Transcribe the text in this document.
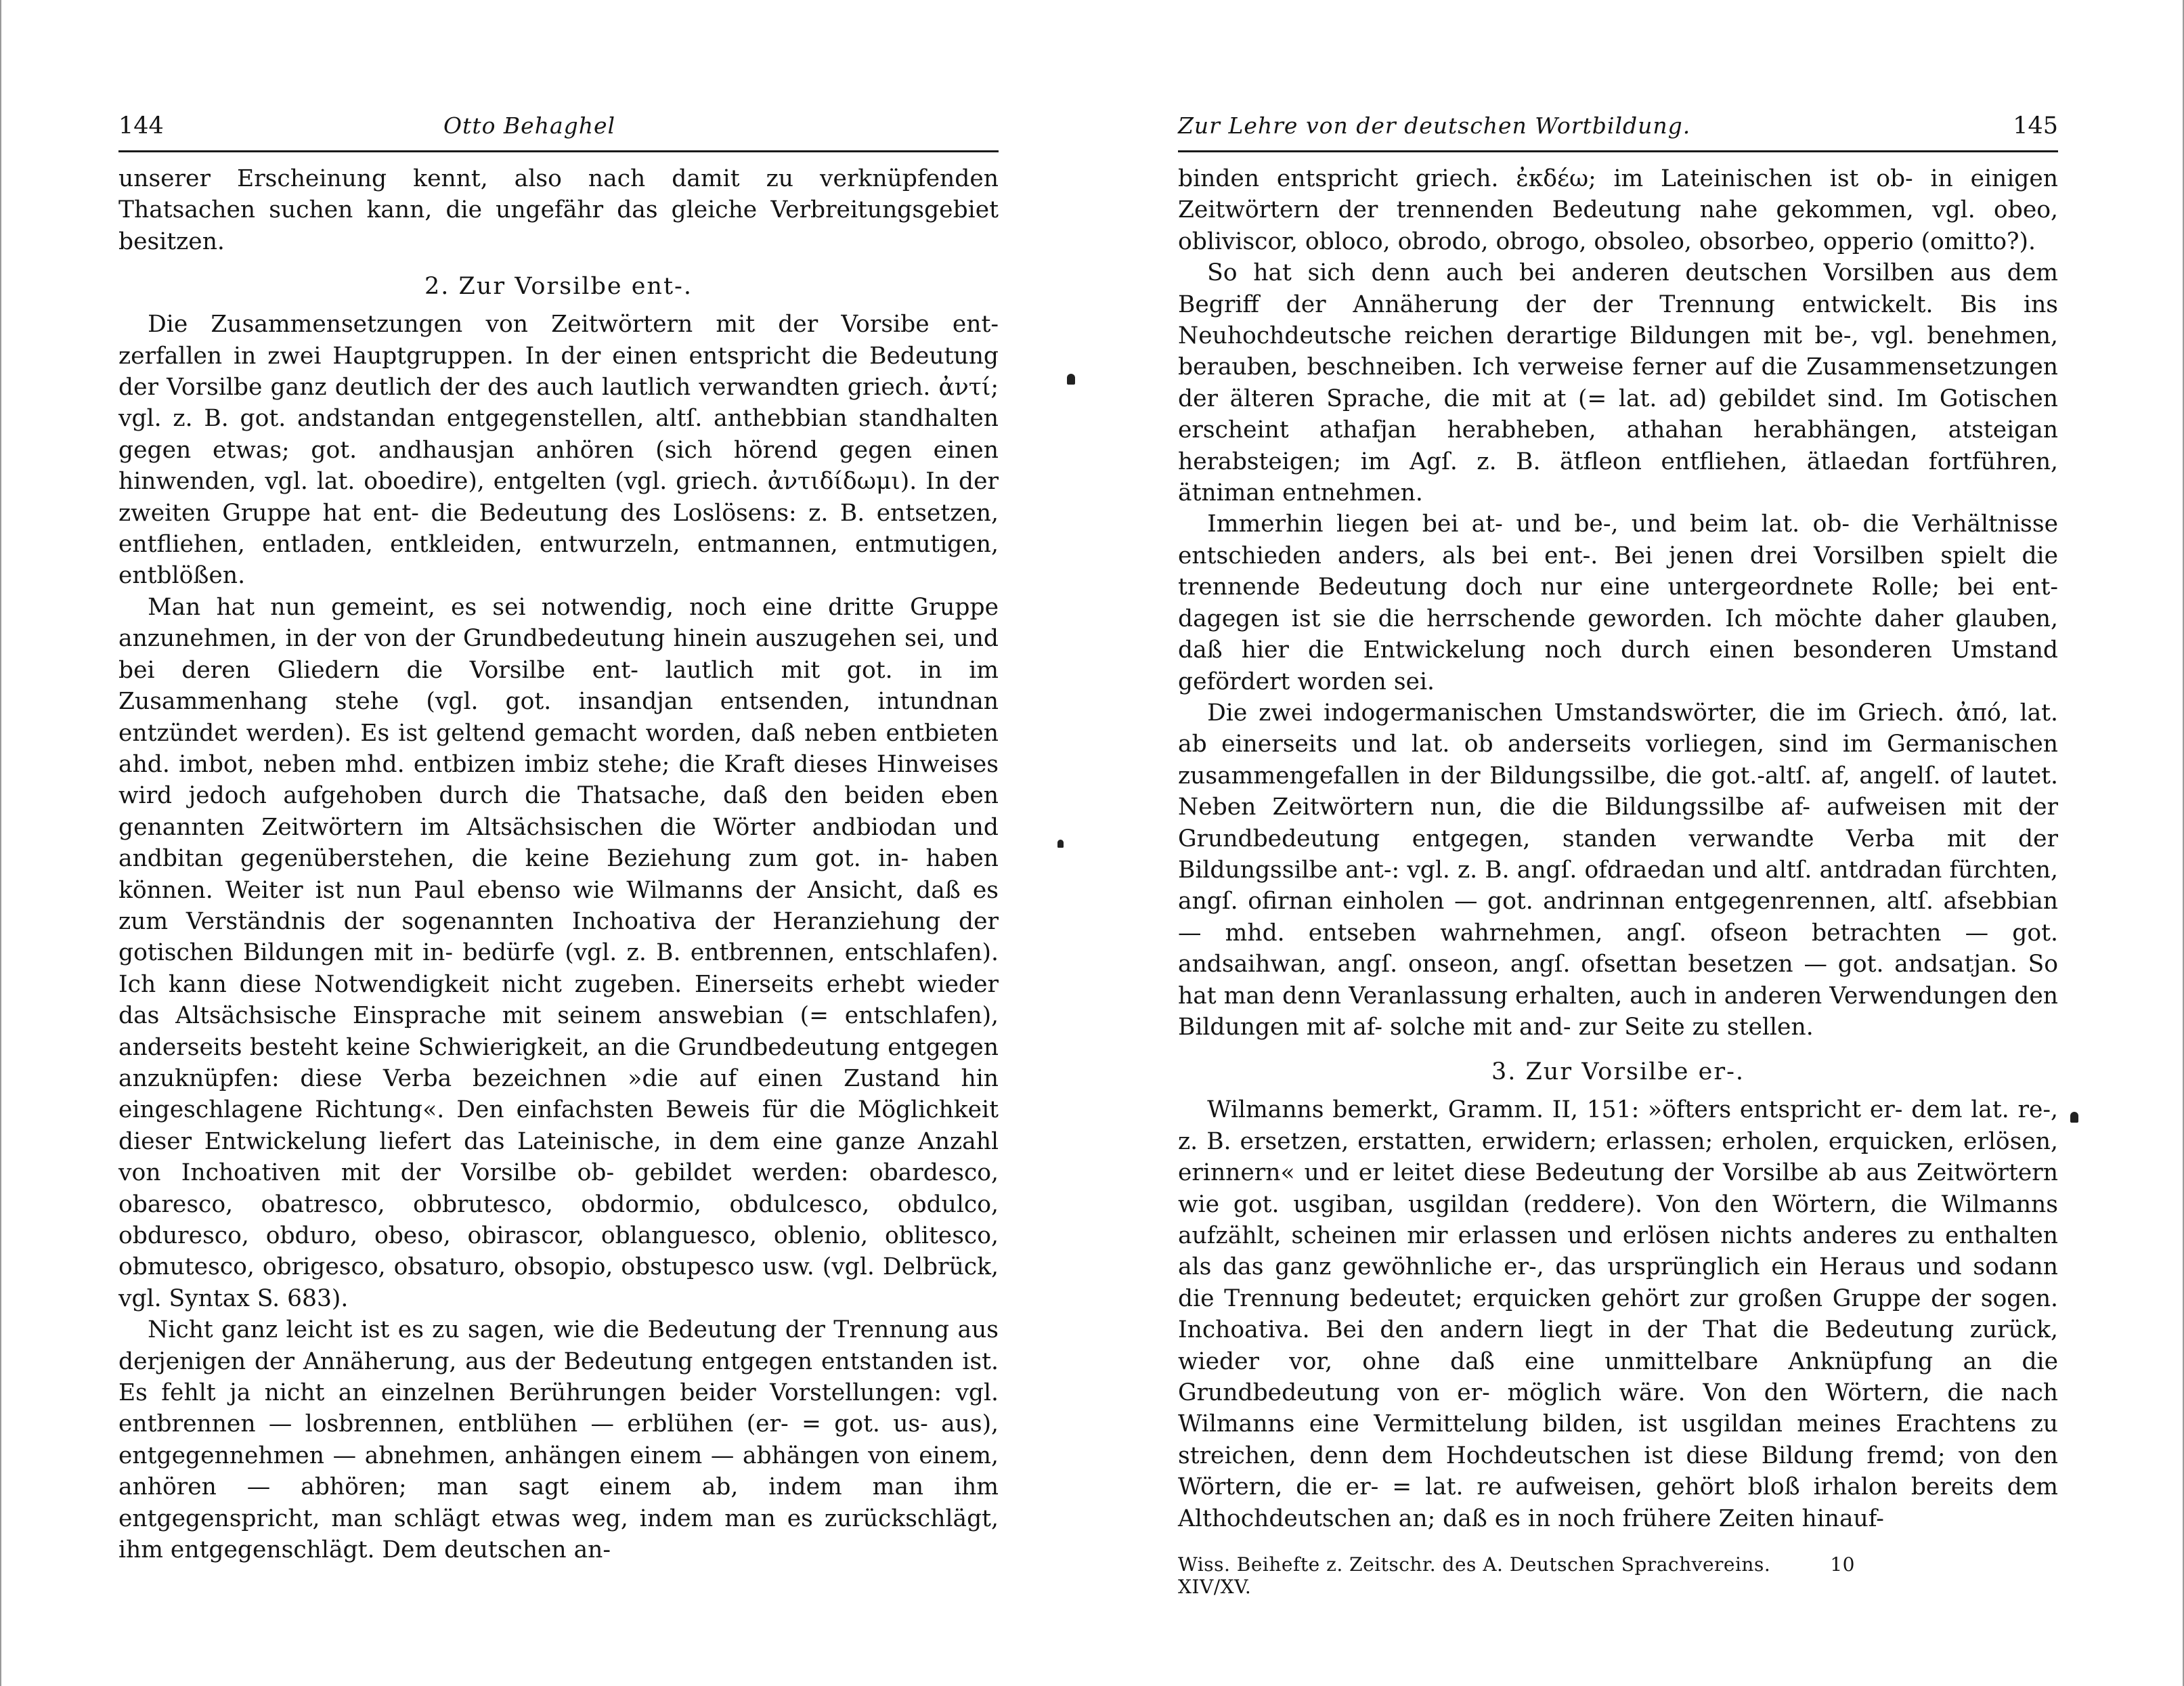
144	Otto Behaghel

unserer Erscheinung kennt, also nach damit zu verknüpfenden Thatsachen suchen kann, die ungefähr das gleiche Verbreitungsgebiet besitzen.

2. Zur Vorsilbe ent-.

Die Zusammensetzungen von Zeitwörtern mit der Vorsibe ent- zerfallen in zwei Hauptgruppen. In der einen entspricht die Bedeutung der Vorsilbe ganz deutlich der des auch lautlich verwandten griech. ἀντί; vgl. z. B. got. andstandan entgegenstellen, altſ. anthebbian standhalten gegen etwas; got. andhausjan anhören (sich hörend gegen einen hinwenden, vgl. lat. oboedire), entgelten (vgl. griech. ἀντιδίδωμι). In der zweiten Gruppe hat ent- die Bedeutung des Loslösens: z. B. entsetzen, entfliehen, entladen, entkleiden, entwurzeln, entmannen, entmutigen, entblößen.

Man hat nun gemeint, es sei notwendig, noch eine dritte Gruppe anzunehmen, in der von der Grundbedeutung hinein auszugehen sei, und bei deren Gliedern die Vorsilbe ent- lautlich mit got. in im Zusammenhang stehe (vgl. got. insandjan entsenden, intundnan entzündet werden). Es ist geltend gemacht worden, daß neben entbieten ahd. imbot, neben mhd. entbizen imbiz stehe; die Kraft dieses Hinweises wird jedoch aufgehoben durch die Thatsache, daß den beiden eben genannten Zeitwörtern im Altsächsischen die Wörter andbiodan und andbitan gegenüberstehen, die keine Beziehung zum got. in- haben können. Weiter ist nun Paul ebenso wie Wilmanns der Ansicht, daß es zum Verständnis der sogenannten Inchoativa der Heranziehung der gotischen Bildungen mit in- bedürfe (vgl. z. B. entbrennen, entschlafen). Ich kann diese Notwendigkeit nicht zugeben. Einerseits erhebt wieder das Altsächsische Einsprache mit seinem answebian (= entschlafen), anderseits besteht keine Schwierigkeit, an die Grundbedeutung entgegen anzuknüpfen: diese Verba bezeichnen »die auf einen Zustand hin eingeschlagene Richtung«. Den einfachsten Beweis für die Möglichkeit dieser Entwickelung liefert das Lateinische, in dem eine ganze Anzahl von Inchoativen mit der Vorsilbe ob- gebildet werden: obardesco, obaresco, obatresco, obbrutesco, obdormio, obdulcesco, obdulco, obduresco, obduro, obeso, obirascor, oblanguesco, oblenio, oblitesco, obmutesco, obrigesco, obsaturo, obsopio, obstupesco usw. (vgl. Delbrück, vgl. Syntax S. 683).

Nicht ganz leicht ist es zu sagen, wie die Bedeutung der Trennung aus derjenigen der Annäherung, aus der Bedeutung entgegen entstanden ist. Es fehlt ja nicht an einzelnen Berührungen beider Vorstellungen: vgl. entbrennen — losbrennen, entblühen — erblühen (er- = got. us- aus), entgegennehmen — abnehmen, anhängen einem — abhängen von einem, anhören — abhören; man sagt einem ab, indem man ihm entgegenspricht, man schlägt etwas weg, indem man es zurückschlägt, ihm entgegenschlägt. Dem deutschen an-

Zur Lehre von der deutschen Wortbildung.	145

binden entspricht griech. ἐκδέω; im Lateinischen ist ob- in einigen Zeitwörtern der trennenden Bedeutung nahe gekommen, vgl. obeo, obliviscor, obloco, obrodo, obrogo, obsoleo, obsorbeo, opperio (omitto?).

So hat sich denn auch bei anderen deutschen Vorsilben aus dem Begriff der Annäherung der der Trennung entwickelt. Bis ins Neuhochdeutsche reichen derartige Bildungen mit be-, vgl. benehmen, berauben, beschneiben. Ich verweise ferner auf die Zusammensetzungen der älteren Sprache, die mit at (= lat. ad) gebildet sind. Im Gotischen erscheint athafjan herabheben, athahan herabhängen, atsteigan herabsteigen; im Agſ. z. B. ätfleon entfliehen, ätlaedan fortführen, ätniman entnehmen.

Immerhin liegen bei at- und be-, und beim lat. ob- die Verhältnisse entschieden anders, als bei ent-. Bei jenen drei Vorsilben spielt die trennende Bedeutung doch nur eine untergeordnete Rolle; bei ent- dagegen ist sie die herrschende geworden. Ich möchte daher glauben, daß hier die Entwickelung noch durch einen besonderen Umstand gefördert worden sei.

Die zwei indogermanischen Umstandswörter, die im Griech. ἀπό, lat. ab einerseits und lat. ob anderseits vorliegen, sind im Germanischen zusammengefallen in der Bildungssilbe, die got.-altſ. af, angelſ. of lautet. Neben Zeitwörtern nun, die die Bildungssilbe af- aufweisen mit der Grundbedeutung entgegen, standen verwandte Verba mit der Bildungssilbe ant-: vgl. z. B. angſ. ofdraedan und altſ. antdradan fürchten, angſ. ofirnan einholen — got. andrinnan entgegenrennen, altſ. afsebbian — mhd. entseben wahrnehmen, angſ. ofseon betrachten — got. andsaihwan, angſ. onseon, angſ. ofsettan besetzen — got. andsatjan. So hat man denn Veranlassung erhalten, auch in anderen Verwendungen den Bildungen mit af- solche mit and- zur Seite zu stellen.

3. Zur Vorsilbe er-.

Wilmanns bemerkt, Gramm. II, 151: »öfters entspricht er- dem lat. re-, z. B. ersetzen, erstatten, erwidern; erlassen; erholen, erquicken, erlösen, erinnern« und er leitet diese Bedeutung der Vorsilbe ab aus Zeitwörtern wie got. usgiban, usgildan (reddere). Von den Wörtern, die Wilmanns aufzählt, scheinen mir erlassen und erlösen nichts anderes zu enthalten als das ganz gewöhnliche er-, das ursprünglich ein Heraus und sodann die Trennung bedeutet; erquicken gehört zur großen Gruppe der sogen. Inchoativa. Bei den andern liegt in der That die Bedeutung zurück, wieder vor, ohne daß eine unmittelbare Anknüpfung an die Grundbedeutung von er- möglich wäre. Von den Wörtern, die nach Wilmanns eine Vermittelung bilden, ist usgildan meines Erachtens zu streichen, denn dem Hochdeutschen ist diese Bildung fremd; von den Wörtern, die er- = lat. re aufweisen, gehört bloß irhalon bereits dem Althochdeutschen an; daß es in noch frühere Zeiten hinauf-

Wiss. Beihefte z. Zeitschr. des A. Deutschen Sprachvereins. XIV/XV.
10
